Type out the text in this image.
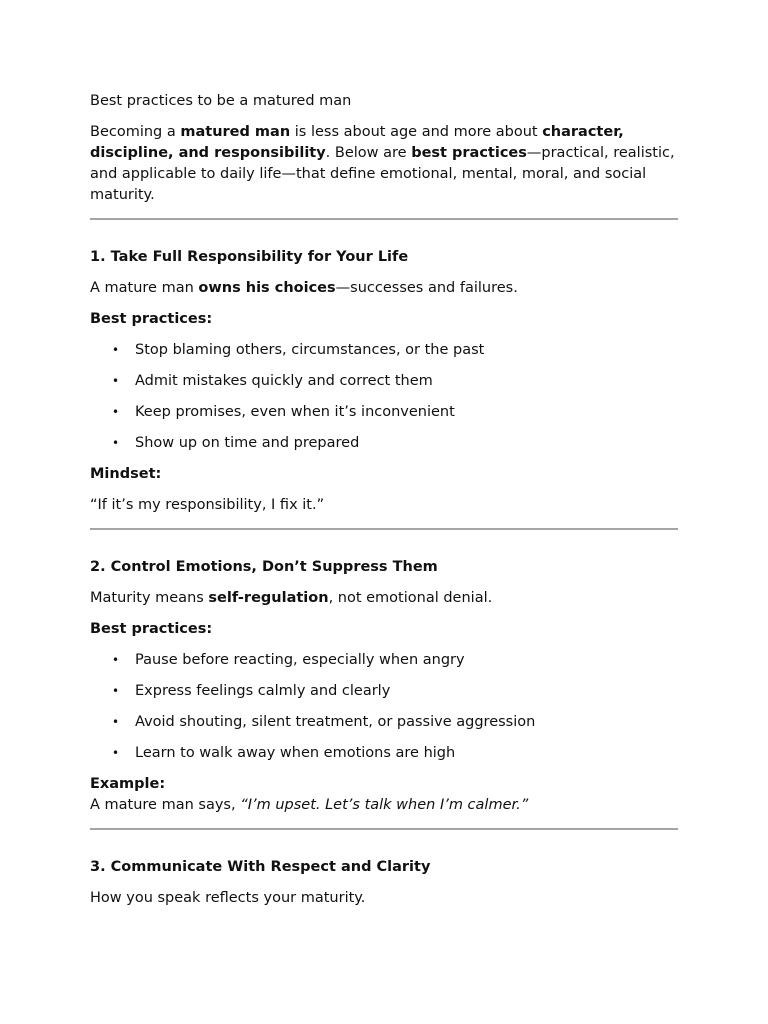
Best practices to be a matured man

Becoming a matured man is less about age and more about character, discipline, and responsibility. Below are best practices—practical, realistic, and applicable to daily life—that define emotional, mental, moral, and social maturity.

1. Take Full Responsibility for Your Life

A mature man owns his choices—successes and failures.

Best practices:

• Stop blaming others, circumstances, or the past
• Admit mistakes quickly and correct them
• Keep promises, even when it’s inconvenient
• Show up on time and prepared

Mindset:

“If it’s my responsibility, I fix it.”

2. Control Emotions, Don’t Suppress Them

Maturity means self-regulation, not emotional denial.

Best practices:

• Pause before reacting, especially when angry
• Express feelings calmly and clearly
• Avoid shouting, silent treatment, or passive aggression
• Learn to walk away when emotions are high

Example:

A mature man says, “I’m upset. Let’s talk when I’m calmer.”

3. Communicate With Respect and Clarity

How you speak reflects your maturity.
